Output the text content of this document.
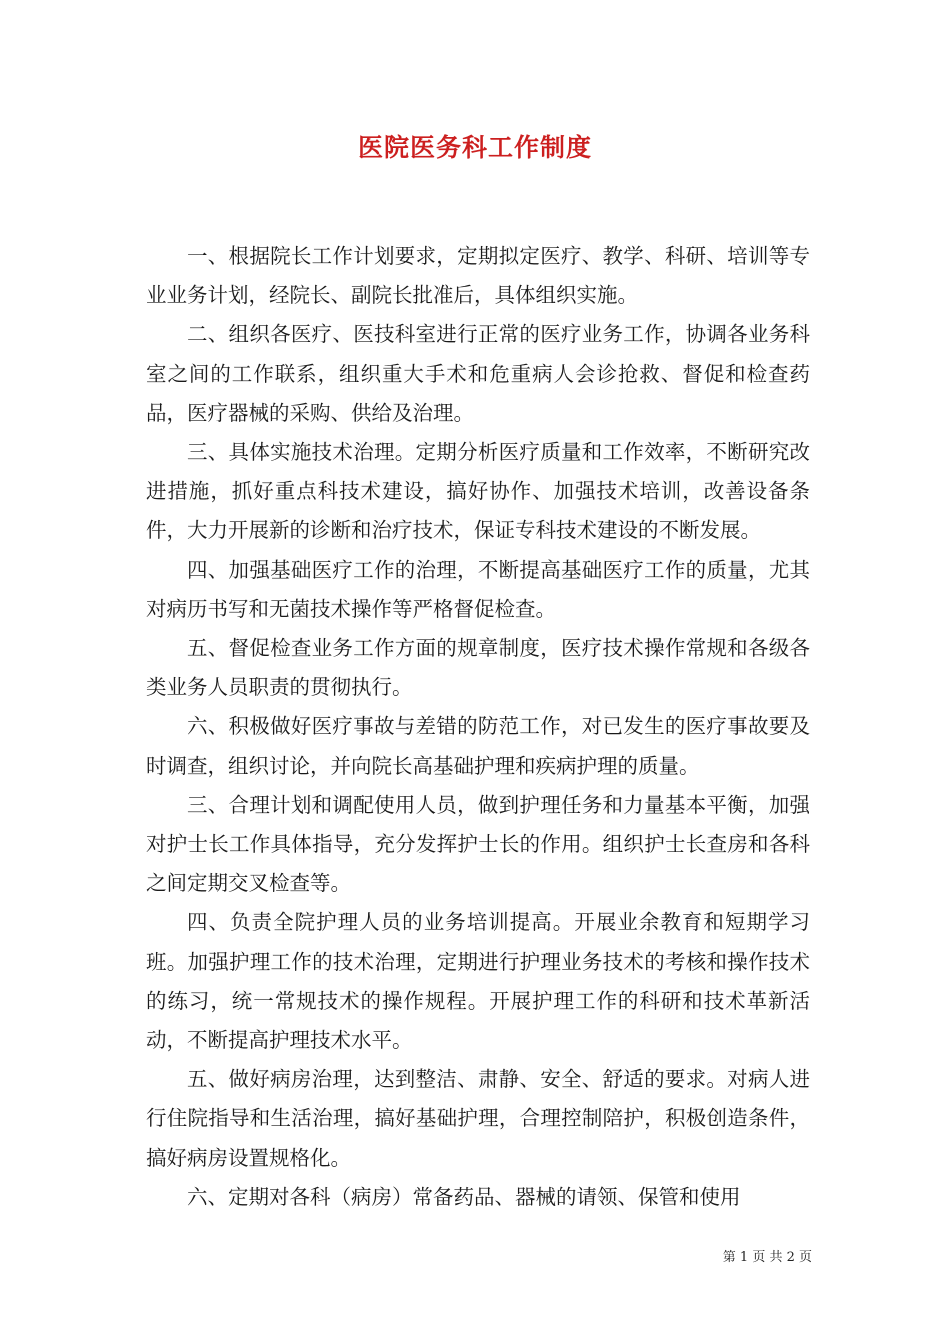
医院医务科工作制度

一、根据院长工作计划要求，定期拟定医疗、教学、科研、培训等专业业务计划，经院长、副院长批准后，具体组织实施。

二、组织各医疗、医技科室进行正常的医疗业务工作，协调各业务科室之间的工作联系，组织重大手术和危重病人会诊抢救、督促和检查药品，医疗器械的采购、供给及治理。

三、具体实施技术治理。定期分析医疗质量和工作效率，不断研究改进措施，抓好重点科技术建设，搞好协作、加强技术培训，改善设备条件，大力开展新的诊断和治疗技术，保证专科技术建设的不断发展。

四、加强基础医疗工作的治理，不断提高基础医疗工作的质量，尤其对病历书写和无菌技术操作等严格督促检查。

五、督促检查业务工作方面的规章制度，医疗技术操作常规和各级各类业务人员职责的贯彻执行。

六、积极做好医疗事故与差错的防范工作，对已发生的医疗事故要及时调查，组织讨论，并向院长高基础护理和疾病护理的质量。

三、合理计划和调配使用人员，做到护理任务和力量基本平衡，加强对护士长工作具体指导，充分发挥护士长的作用。组织护士长查房和各科之间定期交叉检查等。

四、负责全院护理人员的业务培训提高。开展业余教育和短期学习班。加强护理工作的技术治理，定期进行护理业务技术的考核和操作技术的练习，统一常规技术的操作规程。开展护理工作的科研和技术革新活动，不断提高护理技术水平。

五、做好病房治理，达到整洁、肃静、安全、舒适的要求。对病人进行住院指导和生活治理，搞好基础护理，合理控制陪护，积极创造条件，搞好病房设置规格化。

六、定期对各科（病房）常备药品、器械的请领、保管和使用

第 1 页 共 2 页
